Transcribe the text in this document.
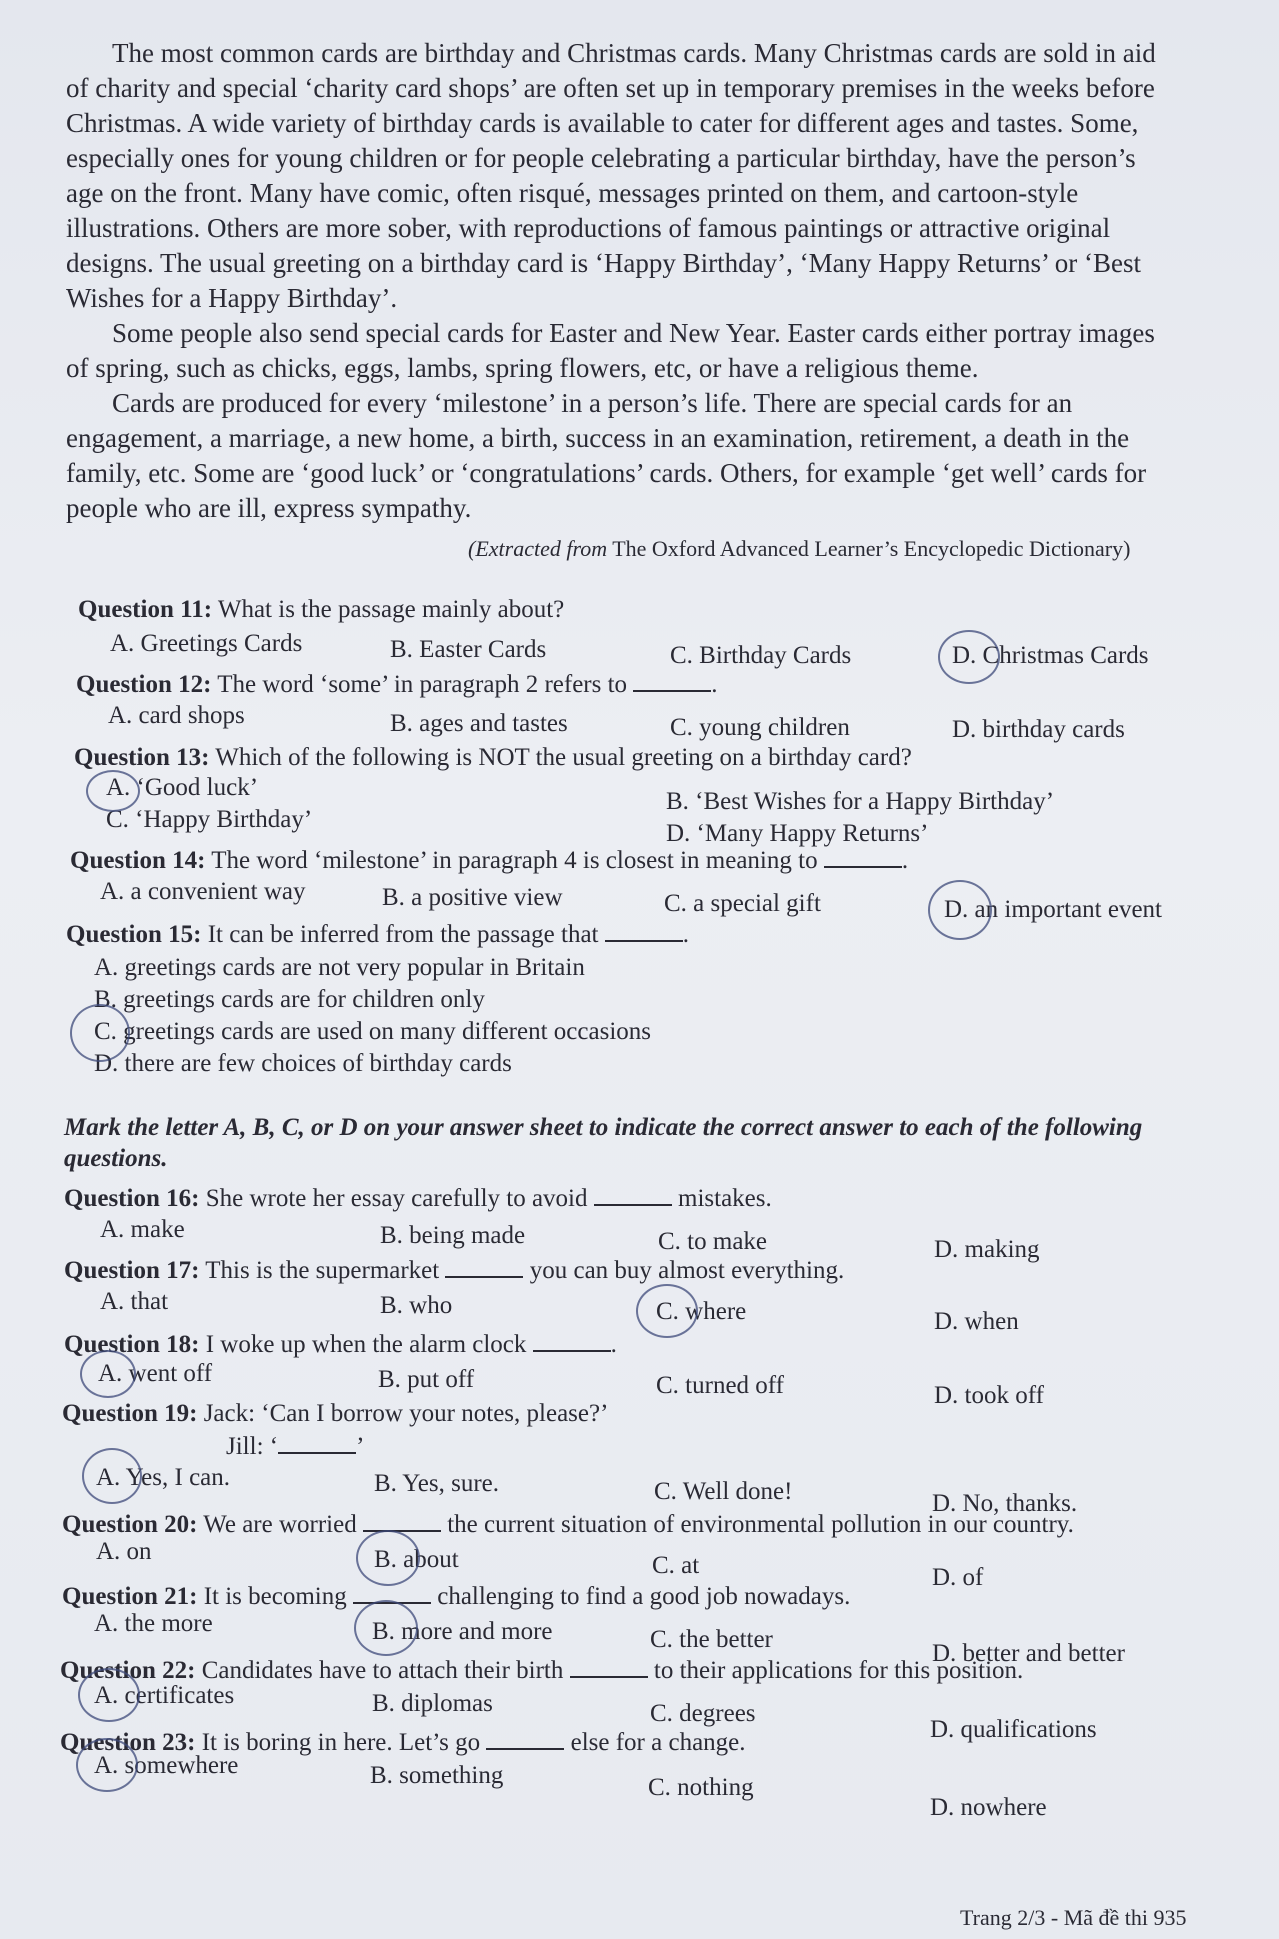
The most common cards are birthday and Christmas cards. Many Christmas cards are sold in aid

of charity and special ‘charity card shops’ are often set up in temporary premises in the weeks before

Christmas. A wide variety of birthday cards is available to cater for different ages and tastes. Some,

especially ones for young children or for people celebrating a particular birthday, have the person’s

age on the front. Many have comic, often risqué, messages printed on them, and cartoon-style

illustrations. Others are more sober, with reproductions of famous paintings or attractive original

designs. The usual greeting on a birthday card is ‘Happy Birthday’, ‘Many Happy Returns’ or ‘Best

Wishes for a Happy Birthday’.

Some people also send special cards for Easter and New Year. Easter cards either portray images

of spring, such as chicks, eggs, lambs, spring flowers, etc, or have a religious theme.

Cards are produced for every ‘milestone’ in a person’s life. There are special cards for an

engagement, a marriage, a new home, a birth, success in an examination, retirement, a death in the

family, etc. Some are ‘good luck’ or ‘congratulations’ cards. Others, for example ‘get well’ cards for

people who are ill, express sympathy.

(Extracted from The Oxford Advanced Learner’s Encyclopedic Dictionary)
Question 11: What is the passage mainly about?
A. Greetings Cards	B. Easter Cards	C. Birthday Cards	D. Christmas Cards
Question 12: The word ‘some’ in paragraph 2 refers to	.
A. card shops	B. ages and tastes	C. young children	D. birthday cards
Question 13: Which of the following is NOT the usual greeting on a birthday card?
A. ‘Good luck’
B. ‘Best Wishes for a Happy Birthday’
C. ‘Happy Birthday’
D. ‘Many Happy Returns’
Question 14: The word ‘milestone’ in paragraph 4 is closest in meaning to	.
A. a convenient way	B. a positive view	C. a special gift	D. an important event
Question 15: It can be inferred from the passage that	.
A. greetings cards are not very popular in Britain
B. greetings cards are for children only
C. greetings cards are used on many different occasions
D. there are few choices of birthday cards
Mark the letter A, B, C, or D on your answer sheet to indicate the correct answer to each of the following questions.
Question 16: She wrote her essay carefully to avoid	mistakes.
A. make	B. being made	C. to make	D. making
Question 17: This is the supermarket	you can buy almost everything.
A. that	B. who	C. where	D. when
Question 18: I woke up when the alarm clock	.
A. went off	B. put off	C. turned off	D. took off
Question 19: Jack: ‘Can I borrow your notes, please?’
Jill: ‘	’
A. Yes, I can.	B. Yes, sure.	C. Well done!	D. No, thanks.
Question 20: We are worried	the current situation of environmental pollution in our country.
A. on	B. about	C. at	D. of
Question 21: It is becoming	challenging to find a good job nowadays.
A. the more	B. more and more	C. the better
D. better and better
Question 22: Candidates have to attach their birth	to their applications for this position.
A. certificates	B. diplomas	C. degrees
D. qualifications
Question 23: It is boring in here. Let’s go	else for a change.
A. somewhere	B. something	C. nothing
D. nowhere
Trang 2/3 - Mã đề thi 935
